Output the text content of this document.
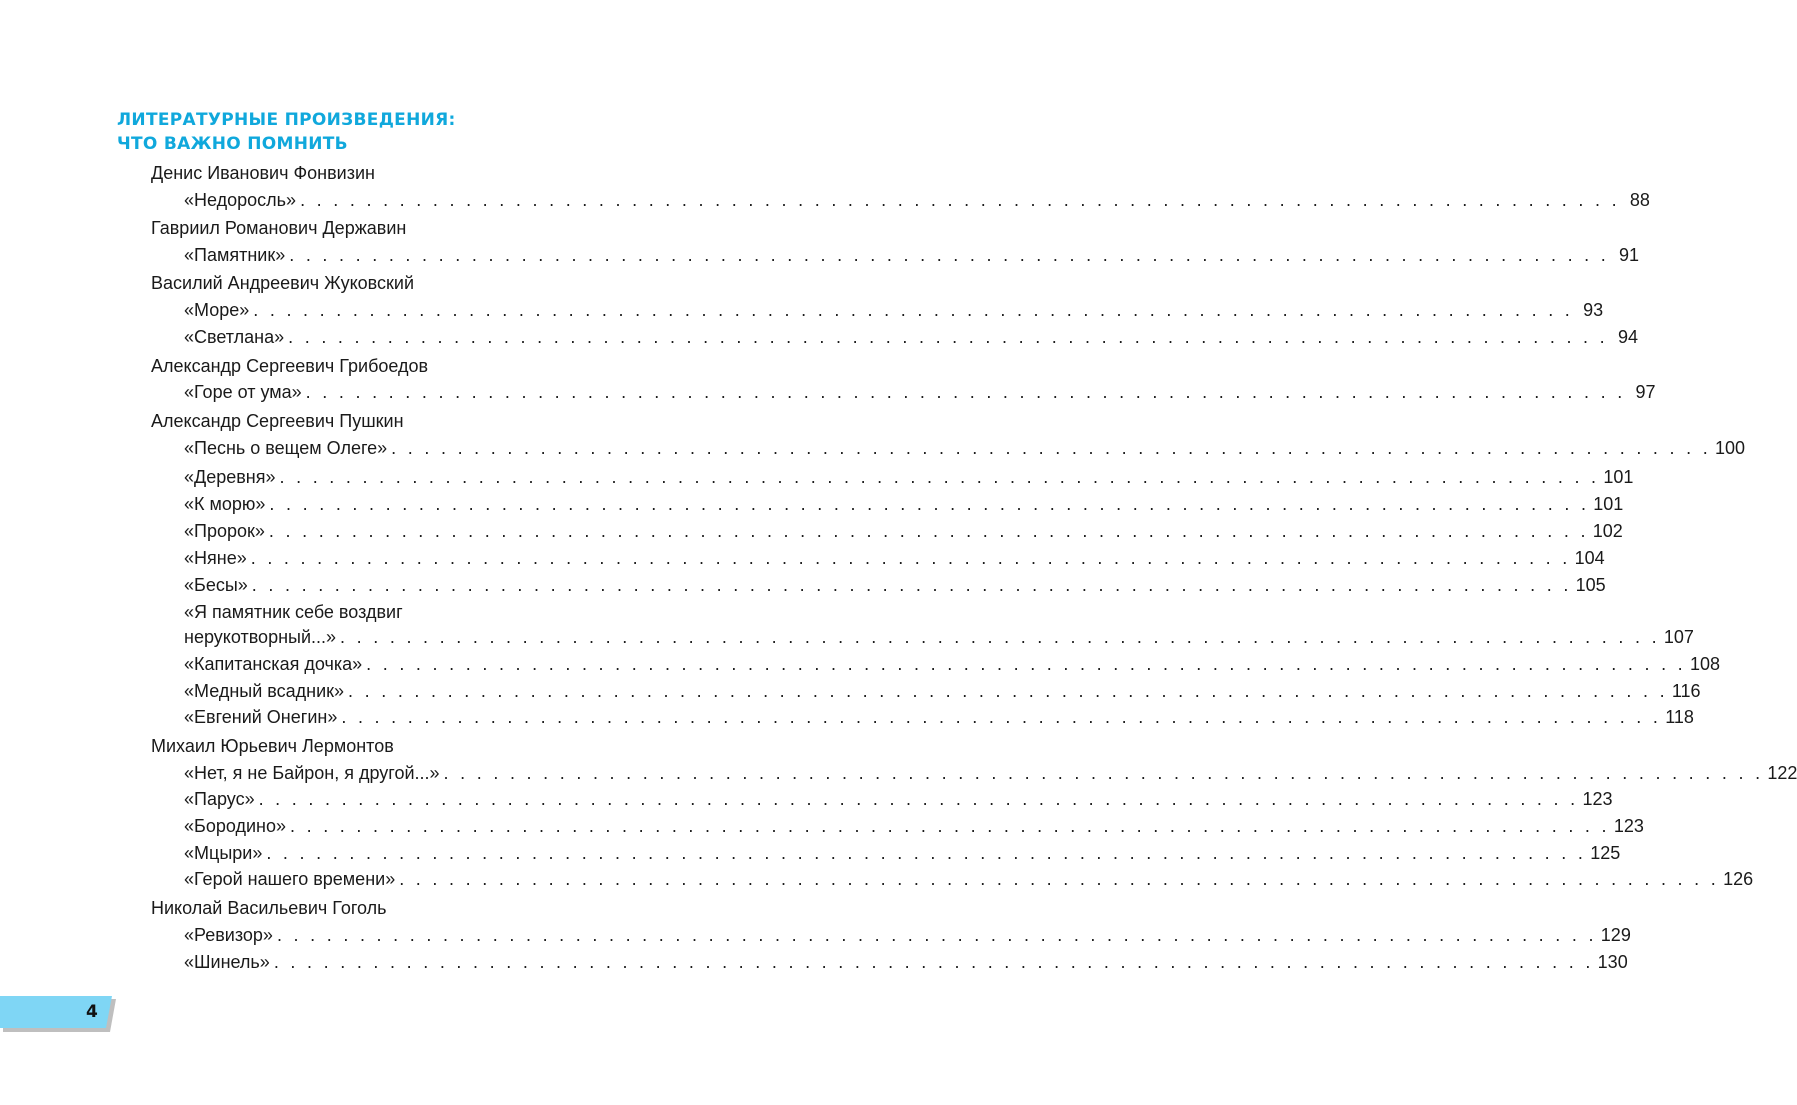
ЛИТЕРАТУРНЫЕ ПРОИЗВЕДЕНИЯ:
ЧТО ВАЖНО ПОМНИТЬ
Денис Иванович Фонвизин
«Недоросль» . . . . . . . . . . . . . . . . . . . . . . . . . . . . . . . . . . . . . . . . . . . . . . . . . . . . . . . . . . . . . . . . . . . . . . . . . . . . . . . . 88
Гавриил Романович Державин
«Памятник» . . . . . . . . . . . . . . . . . . . . . . . . . . . . . . . . . . . . . . . . . . . . . . . . . . . . . . . . . . . . . . . . . . . . . . . . . . . . . . . . 91
Василий Андреевич Жуковский
«Море» . . . . . . . . . . . . . . . . . . . . . . . . . . . . . . . . . . . . . . . . . . . . . . . . . . . . . . . . . . . . . . . . . . . . . . . . . . . . . . . . 93
«Светлана» . . . . . . . . . . . . . . . . . . . . . . . . . . . . . . . . . . . . . . . . . . . . . . . . . . . . . . . . . . . . . . . . . . . . . . . . . . . . . . . . 94
Александр Сергеевич Грибоедов
«Горе от ума» . . . . . . . . . . . . . . . . . . . . . . . . . . . . . . . . . . . . . . . . . . . . . . . . . . . . . . . . . . . . . . . . . . . . . . . . . . . . . . . . 97
Александр Сергеевич Пушкин
«Песнь о вещем Олеге» . . . . . . . . . . . . . . . . . . . . . . . . . . . . . . . . . . . . . . . . . . . . . . . . . . . . . . . . . . . . . . . . . . . . . . . . . . . . . . . . 100
«Деревня» . . . . . . . . . . . . . . . . . . . . . . . . . . . . . . . . . . . . . . . . . . . . . . . . . . . . . . . . . . . . . . . . . . . . . . . . . . . . . . . . 101
«К морю» . . . . . . . . . . . . . . . . . . . . . . . . . . . . . . . . . . . . . . . . . . . . . . . . . . . . . . . . . . . . . . . . . . . . . . . . . . . . . . . . 101
«Пророк» . . . . . . . . . . . . . . . . . . . . . . . . . . . . . . . . . . . . . . . . . . . . . . . . . . . . . . . . . . . . . . . . . . . . . . . . . . . . . . . . 102
«Няне» . . . . . . . . . . . . . . . . . . . . . . . . . . . . . . . . . . . . . . . . . . . . . . . . . . . . . . . . . . . . . . . . . . . . . . . . . . . . . . . . 104
«Бесы» . . . . . . . . . . . . . . . . . . . . . . . . . . . . . . . . . . . . . . . . . . . . . . . . . . . . . . . . . . . . . . . . . . . . . . . . . . . . . . . . 105
«Я памятник себе воздвиг
нерукотворный...» . . . . . . . . . . . . . . . . . . . . . . . . . . . . . . . . . . . . . . . . . . . . . . . . . . . . . . . . . . . . . . . . . . . . . . . . . . . . . . . . 107
«Капитанская дочка» . . . . . . . . . . . . . . . . . . . . . . . . . . . . . . . . . . . . . . . . . . . . . . . . . . . . . . . . . . . . . . . . . . . . . . . . . . . . . . . . 108
«Медный всадник» . . . . . . . . . . . . . . . . . . . . . . . . . . . . . . . . . . . . . . . . . . . . . . . . . . . . . . . . . . . . . . . . . . . . . . . . . . . . . . . . 116
«Евгений Онегин» . . . . . . . . . . . . . . . . . . . . . . . . . . . . . . . . . . . . . . . . . . . . . . . . . . . . . . . . . . . . . . . . . . . . . . . . . . . . . . . . 118
Михаил Юрьевич Лермонтов
«Нет, я не Байрон, я другой...» . . . . . . . . . . . . . . . . . . . . . . . . . . . . . . . . . . . . . . . . . . . . . . . . . . . . . . . . . . . . . . . . . . . . . . . . . . . . . . . . 122
«Парус» . . . . . . . . . . . . . . . . . . . . . . . . . . . . . . . . . . . . . . . . . . . . . . . . . . . . . . . . . . . . . . . . . . . . . . . . . . . . . . . . 123
«Бородино» . . . . . . . . . . . . . . . . . . . . . . . . . . . . . . . . . . . . . . . . . . . . . . . . . . . . . . . . . . . . . . . . . . . . . . . . . . . . . . . . 123
«Мцыри» . . . . . . . . . . . . . . . . . . . . . . . . . . . . . . . . . . . . . . . . . . . . . . . . . . . . . . . . . . . . . . . . . . . . . . . . . . . . . . . . 125
«Герой нашего времени» . . . . . . . . . . . . . . . . . . . . . . . . . . . . . . . . . . . . . . . . . . . . . . . . . . . . . . . . . . . . . . . . . . . . . . . . . . . . . . . . 126
Николай Васильевич Гоголь
«Ревизор» . . . . . . . . . . . . . . . . . . . . . . . . . . . . . . . . . . . . . . . . . . . . . . . . . . . . . . . . . . . . . . . . . . . . . . . . . . . . . . . . 129
«Шинель» . . . . . . . . . . . . . . . . . . . . . . . . . . . . . . . . . . . . . . . . . . . . . . . . . . . . . . . . . . . . . . . . . . . . . . . . . . . . . . . . 130
4
